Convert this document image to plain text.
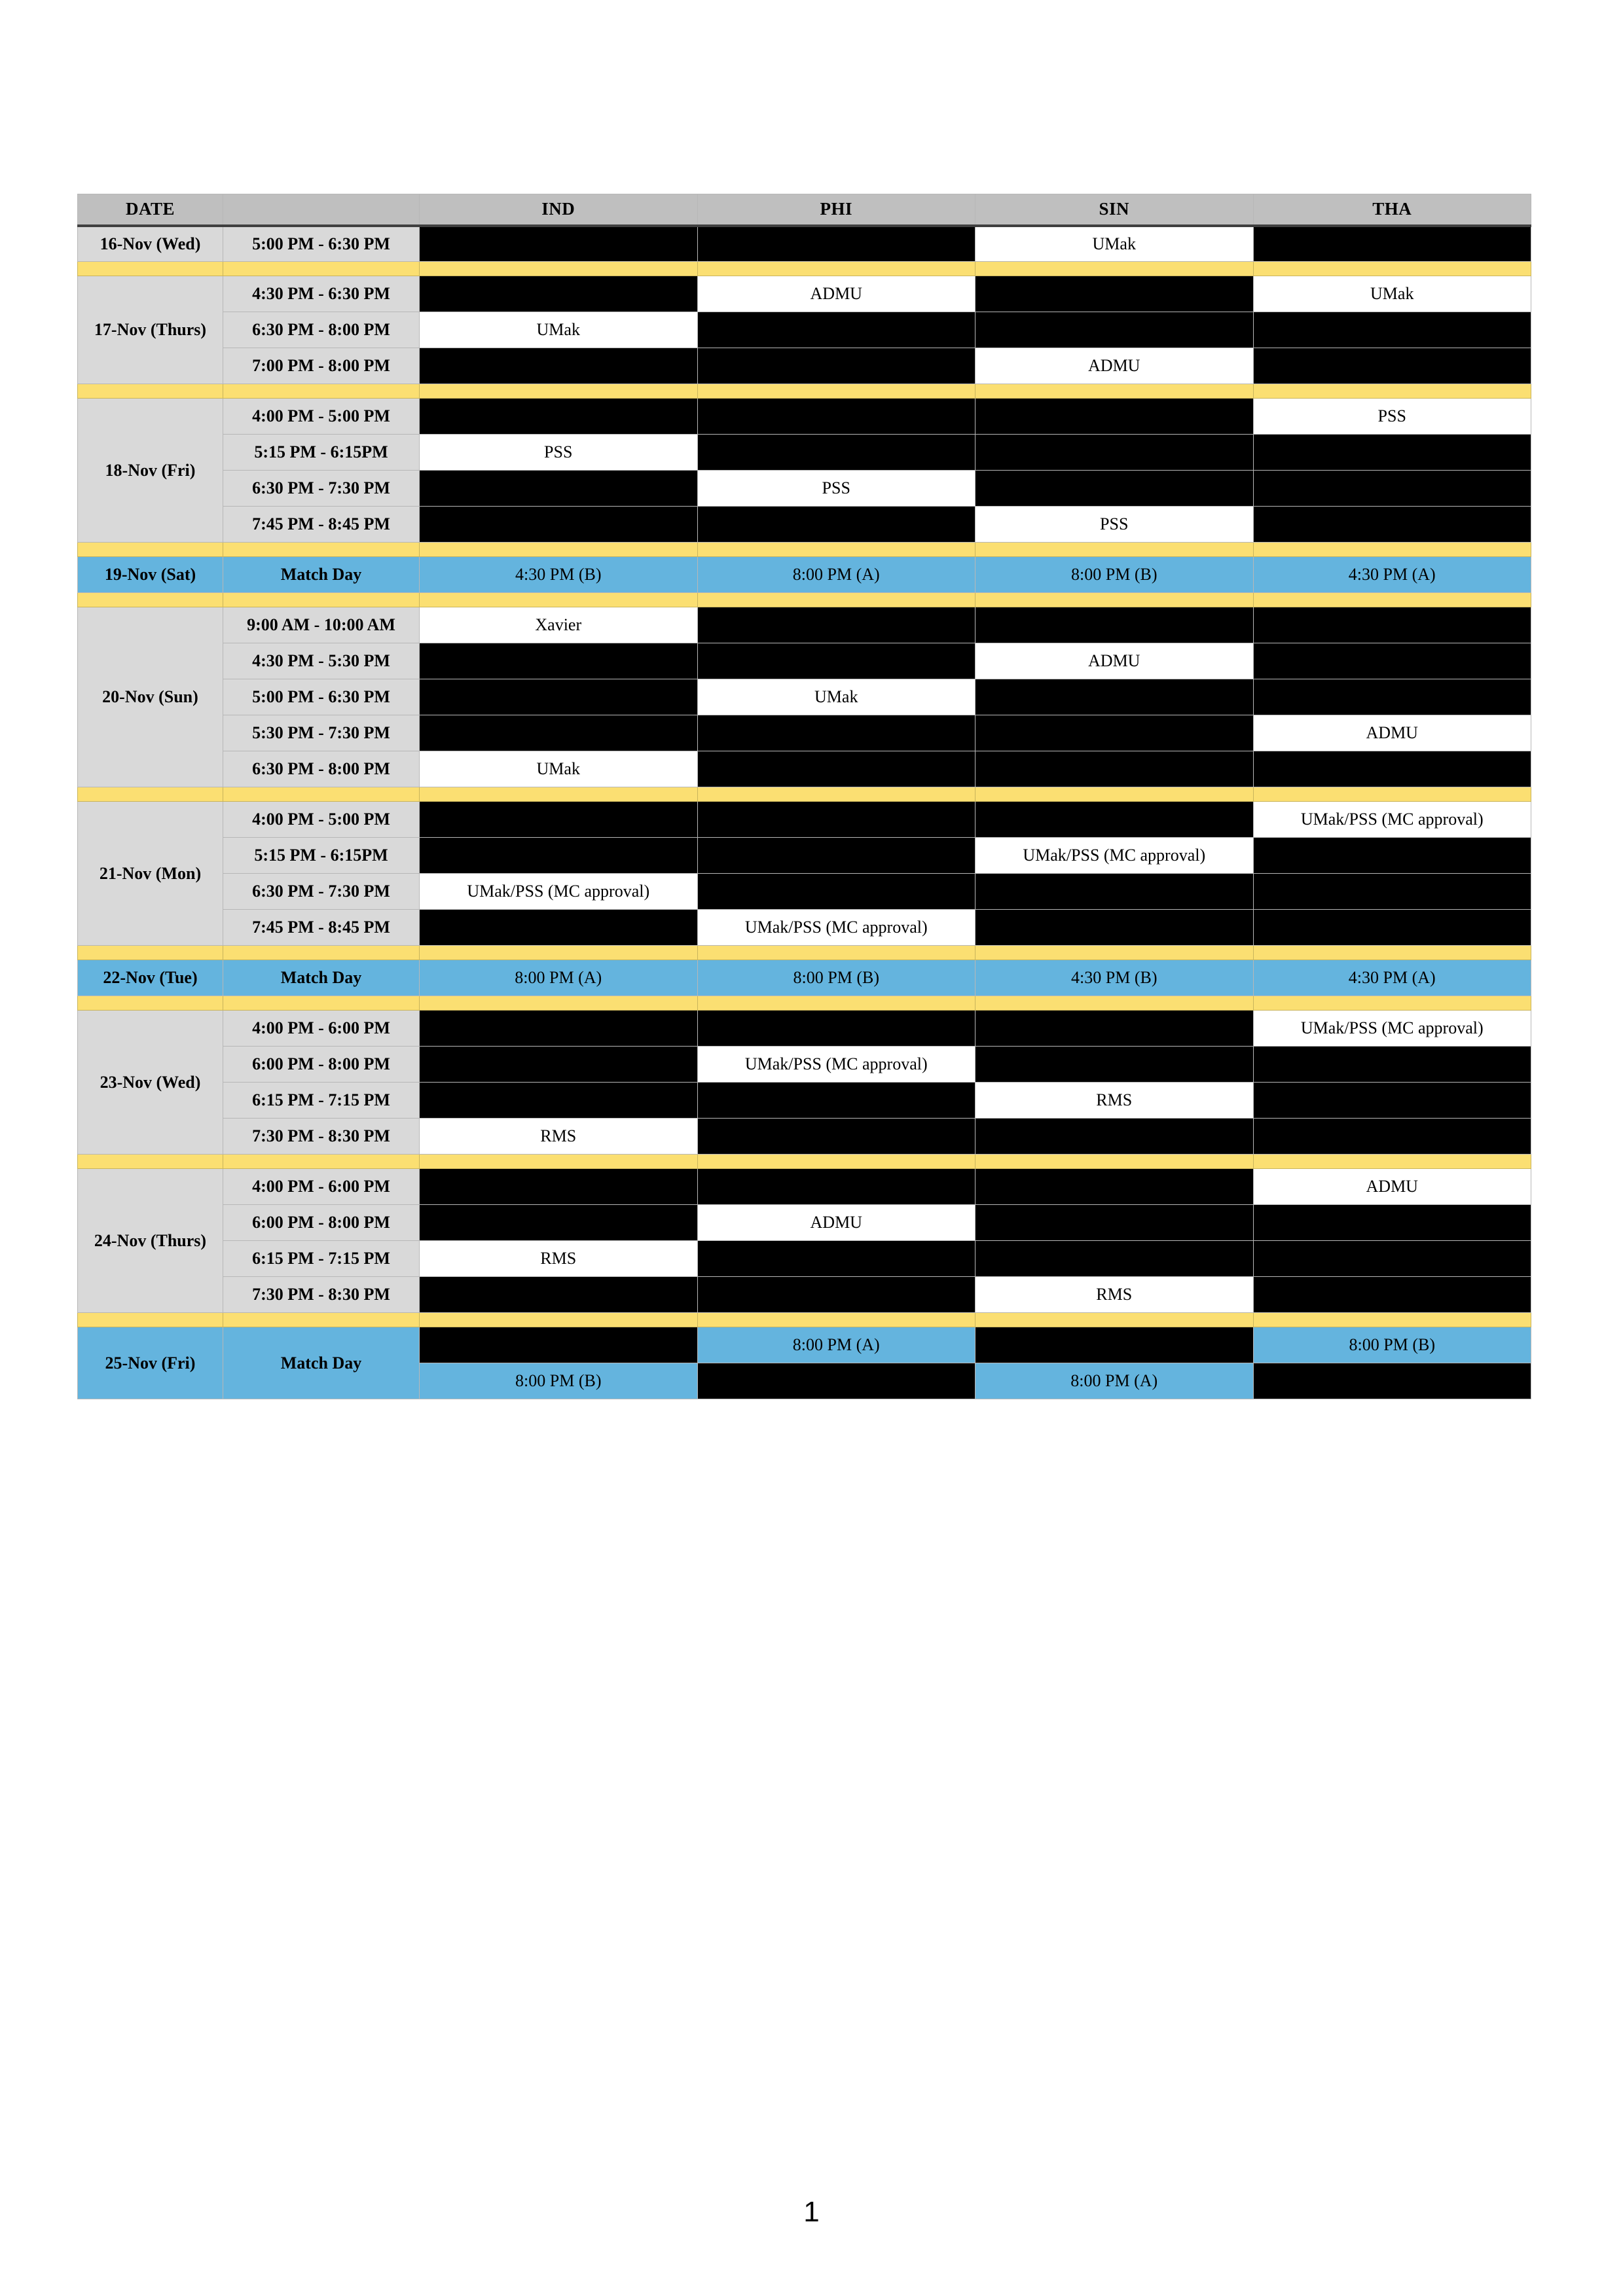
DATE		IND	PHI	SIN	THA
16-Nov (Wed)	5:00 PM - 6:30 PM			UMak	

17-Nov (Thurs)	4:30 PM - 6:30 PM		ADMU		UMak
	6:30 PM - 8:00 PM	UMak			
	7:00 PM - 8:00 PM			ADMU	

18-Nov (Fri)	4:00 PM - 5:00 PM				PSS
	5:15 PM - 6:15PM	PSS			
	6:30 PM - 7:30 PM		PSS		
	7:45 PM - 8:45 PM			PSS	

19-Nov (Sat)	Match Day	4:30 PM (B)	8:00 PM (A)	8:00 PM (B)	4:30 PM (A)

20-Nov (Sun)	9:00 AM - 10:00 AM	Xavier			
	4:30 PM - 5:30 PM			ADMU	
	5:00 PM - 6:30 PM		UMak		
	5:30 PM - 7:30 PM				ADMU
	6:30 PM - 8:00 PM	UMak			

21-Nov (Mon)	4:00 PM - 5:00 PM				UMak/PSS (MC approval)
	5:15 PM - 6:15PM			UMak/PSS (MC approval)	
	6:30 PM - 7:30 PM	UMak/PSS (MC approval)			
	7:45 PM - 8:45 PM		UMak/PSS (MC approval)		

22-Nov (Tue)	Match Day	8:00 PM (A)	8:00 PM (B)	4:30 PM (B)	4:30 PM (A)

23-Nov (Wed)	4:00 PM - 6:00 PM				UMak/PSS (MC approval)
	6:00 PM - 8:00 PM		UMak/PSS (MC approval)		
	6:15 PM - 7:15 PM			RMS	
	7:30 PM - 8:30 PM	RMS			

24-Nov (Thurs)	4:00 PM - 6:00 PM				ADMU
	6:00 PM - 8:00 PM		ADMU		
	6:15 PM - 7:15 PM	RMS			
	7:30 PM - 8:30 PM			RMS	

25-Nov (Fri)	Match Day		8:00 PM (A)		8:00 PM (B)
		8:00 PM (B)		8:00 PM (A)	
1
